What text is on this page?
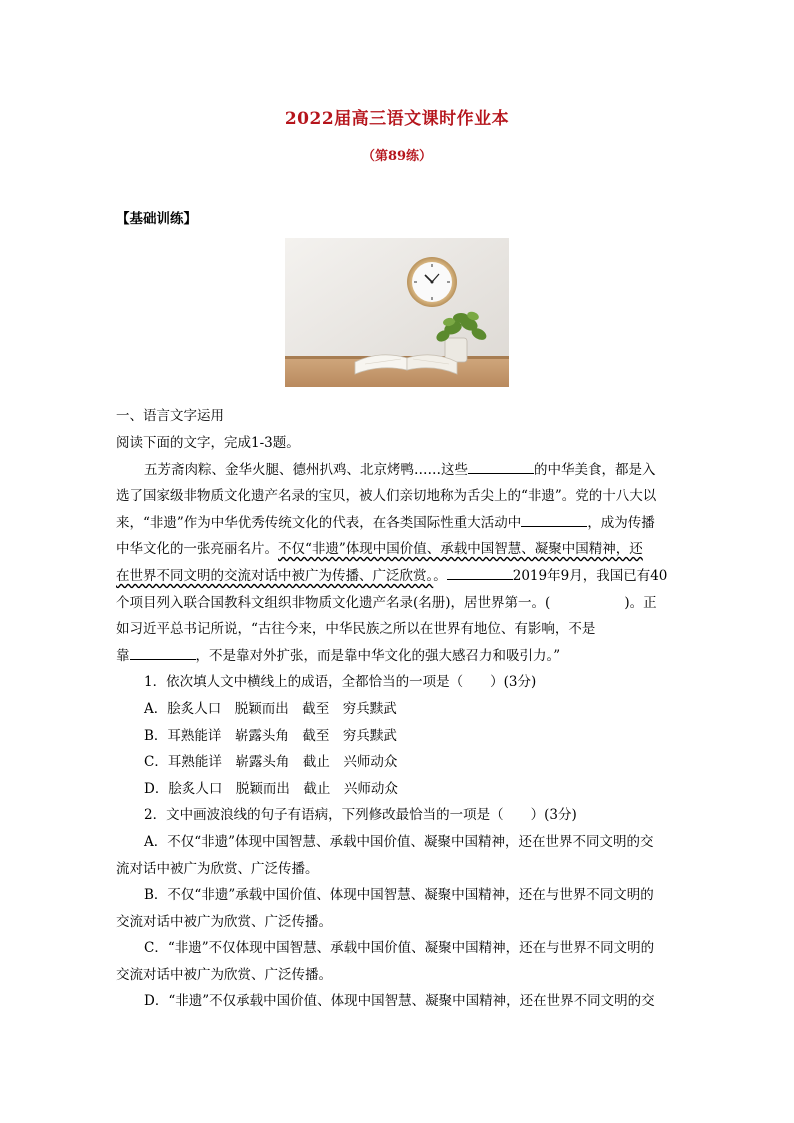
2022届高三语文课时作业本
（第89练）
【基础训练】
一、语言文字运用
阅读下面的文字，完成1-3题。
五芳斋肉粽、金华火腿、德州扒鸡、北京烤鸭……这些	的中华美食，都是入
选了国家级非物质文化遗产名录的宝贝，被人们亲切地称为舌尖上的“非遗”。党的十八大以
来，“非遗”作为中华优秀传统文化的代表，在各类国际性重大活动中	，成为传播
中华文化的一张亮丽名片。不仅“非遗”体现中国价值、承载中国智慧、凝聚中国精神，还
在世界不同文明的交流对话中被广为传播、广泛欣赏。。	2019年9月，我国已有40
个项目列入联合国教科文组织非物质文化遗产名录(名册)，居世界第一。(	)。正
如习近平总书记所说，“古往今来，中华民族之所以在世界有地位、有影响，不是
靠	，不是靠对外扩张，而是靠中华文化的强大感召力和吸引力。”
1．依次填人文中横线上的成语，全都恰当的一项是（　　）(3分)
A．脍炙人口　脱颖而出　截至　穷兵黩武
B．耳熟能详　崭露头角　截至　穷兵黩武
C．耳熟能详　崭露头角　截止　兴师动众
D．脍炙人口　脱颖而出　截止　兴师动众
2．文中画波浪线的句子有语病，下列修改最恰当的一项是（　　）(3分)
A．不仅“非遗”体现中国智慧、承载中国价值、凝聚中国精神，还在世界不同文明的交
流对话中被广为欣赏、广泛传播。
B．不仅“非遗”承载中国价值、体现中国智慧、凝聚中国精神，还在与世界不同文明的
交流对话中被广为欣赏、广泛传播。
C．“非遗”不仅体现中国智慧、承载中国价值、凝聚中国精神，还在与世界不同文明的
交流对话中被广为欣赏、广泛传播。
D．“非遗”不仅承载中国价值、体现中国智慧、凝聚中国精神，还在世界不同文明的交
